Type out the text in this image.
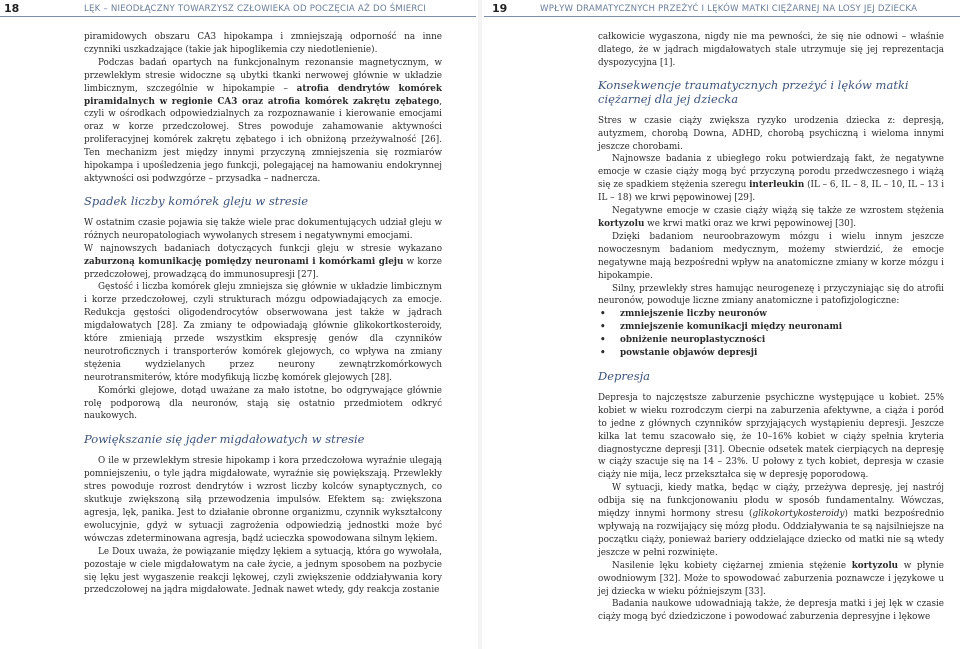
18	LĘK – NIEODŁĄCZNY TOWARZYSZ CZŁOWIEKA OD POCZĘCIA AŻ DO ŚMIERCI

piramidowych obszaru CA3 hipokampa i zmniejszają odporność na inne czynniki uszkadzające (takie jak hipoglikemia czy niedotlenienie).

Podczas badań opartych na funkcjonalnym rezonansie magnetycznym, w przewlekłym stresie widoczne są ubytki tkanki nerwowej głównie w układzie limbicznym, szczególnie w hipokampie – atrofia dendrytów komórek piramidalnych w regionie CA3 oraz atrofia komórek zakrętu zębatego, czyli w ośrodkach odpowiedzialnych za rozpoznawanie i kierowanie emocjami oraz w korze przedczołowej. Stres powoduje zahamowanie aktywności proliferacyjnej komórek zakrętu zębatego i ich obniżoną przeżywalność [26]. Ten mechanizm jest między innymi przyczyną zmniejszenia się rozmiarów hipokampa i upośledzenia jego funkcji, polegającej na hamowaniu endokrynnej aktywności osi podwzgórze – przysadka – nadnercza.

Spadek liczby komórek gleju w stresie

W ostatnim czasie pojawia się także wiele prac dokumentujących udział gleju w różnych neuropatologiach wywołanych stresem i negatywnymi emocjami.

W najnowszych badaniach dotyczących funkcji gleju w stresie wykazano zaburzoną komunikację pomiędzy neuronami i komórkami gleju w korze przedczołowej, prowadzącą do immunosupresji [27].

Gęstość i liczba komórek gleju zmniejsza się głównie w układzie limbicznym i korze przedczołowej, czyli strukturach mózgu odpowiadających za emocje. Redukcja gęstości oligodendrocytów obserwowana jest także w jądrach migdałowatych [28]. Za zmiany te odpowiadają głównie glikokortkosteroidy, które zmieniają przede wszystkim ekspresję genów dla czynników neurotroficznych i transporterów komórek glejowych, co wpływa na zmiany stężenia wydzielanych przez neurony zewnątrzkomórkowych neurotransmiterów, które modyfikują liczbę komórek glejowych [28].

Komórki glejowe, dotąd uważane za mało istotne, bo odgrywające głównie rolę podporową dla neuronów, stają się ostatnio przedmiotem odkryć naukowych.

Powiększanie się jąder migdałowatych w stresie

O ile w przewlekłym stresie hipokamp i kora przedczołowa wyraźnie ulegają pomniejszeniu, o tyle jądra migdałowate, wyraźnie się powiększają. Przewlekły stres powoduje rozrost dendrytów i wzrost liczby kolców synaptycznych, co skutkuje zwiększoną siłą przewodzenia impulsów. Efektem są: zwiększona agresja, lęk, panika. Jest to działanie obronne organizmu, czynnik wykształcony ewolucyjnie, gdyż w sytuacji zagrożenia odpowiedzią jednostki może być wówczas zdeterminowana agresja, bądź ucieczka spowodowana silnym lękiem.

Le Doux uważa, że powiązanie między lękiem a sytuacją, która go wywołała, pozostaje w ciele migdałowatym na całe życie, a jednym sposobem na pozbycie się lęku jest wygaszenie reakcji lękowej, czyli zwiększenie oddziaływania kory przedczołowej na jądra migdałowate. Jednak nawet wtedy, gdy reakcja zostanie

19	WPŁYW DRAMATYCZNYCH PRZEŻYĆ I LĘKÓW MATKI CIĘŻARNEJ NA LOSY JEJ DZIECKA

całkowicie wygaszona, nigdy nie ma pewności, że się nie odnowi – właśnie dlatego, że w jądrach migdałowatych stale utrzymuje się jej reprezentacja dyspozycyjna [1].

Konsekwencje traumatycznych przeżyć i lęków matki ciężarnej dla jej dziecka

Stres w czasie ciąży zwiększa ryzyko urodzenia dziecka z: depresją, autyzmem, chorobą Downa, ADHD, chorobą psychiczną i wieloma innymi jeszcze chorobami.

Najnowsze badania z ubiegłego roku potwierdzają fakt, że negatywne emocje w czasie ciąży mogą być przyczyną porodu przedwczesnego i wiążą się ze spadkiem stężenia szeregu interleukin (IL – 6, IL – 8, IL – 10, IL – 13 i IL – 18) we krwi pępowinowej [29].

Negatywne emocje w czasie ciąży wiążą się także ze wzrostem stężenia kortyzolu we krwi matki oraz we krwi pępowinowej [30].

Dzięki badaniom neuroobrazowym mózgu i wielu innym jeszcze nowoczesnym badaniom medycznym, możemy stwierdzić, że emocje negatywne mają bezpośredni wpływ na anatomiczne zmiany w korze mózgu i hipokampie.

Silny, przewlekły stres hamując neurogenezę i przyczyniając się do atrofii neuronów, powoduje liczne zmiany anatomiczne i patofizjologiczne:

• zmniejszenie liczby neuronów
• zmniejszenie komunikacji między neuronami
• obniżenie neuroplastyczności
• powstanie objawów depresji
Depresja

Depresja to najczęstsze zaburzenie psychiczne występujące u kobiet. 25% kobiet w wieku rozrodczym cierpi na zaburzenia afektywne, a ciąża i poród to jedne z głównych czynników sprzyjających wystąpieniu depresji. Jeszcze kilka lat temu szacowało się, że 10–16% kobiet w ciąży spełnia kryteria diagnostyczne depresji [31]. Obecnie odsetek matek cierpiących na depresję w ciąży szacuje się na 14 – 23%. U połowy z tych kobiet, depresja w czasie ciąży nie mija, lecz przekształca się w depresję poporodową.

W sytuacji, kiedy matka, będąc w ciąży, przeżywa depresję, jej nastrój odbija się na funkcjonowaniu płodu w sposób fundamentalny. Wówczas, między innymi hormony stresu (glikokortykosteroidy) matki bezpośrednio wpływają na rozwijający się mózg płodu. Oddziaływania te są najsilniejsze na początku ciąży, ponieważ bariery oddzielające dziecko od matki nie są wtedy jeszcze w pełni rozwinięte.

Nasilenie lęku kobiety ciężarnej zmienia stężenie kortyzolu w płynie owodniowym [32]. Może to spowodować zaburzenia poznawcze i językowe u jej dziecka w wieku późniejszym [33].

Badania naukowe udowadniają także, że depresja matki i jej lęk w czasie ciąży mogą być dziedziczone i powodować zaburzenia depresyjne i lękowe
